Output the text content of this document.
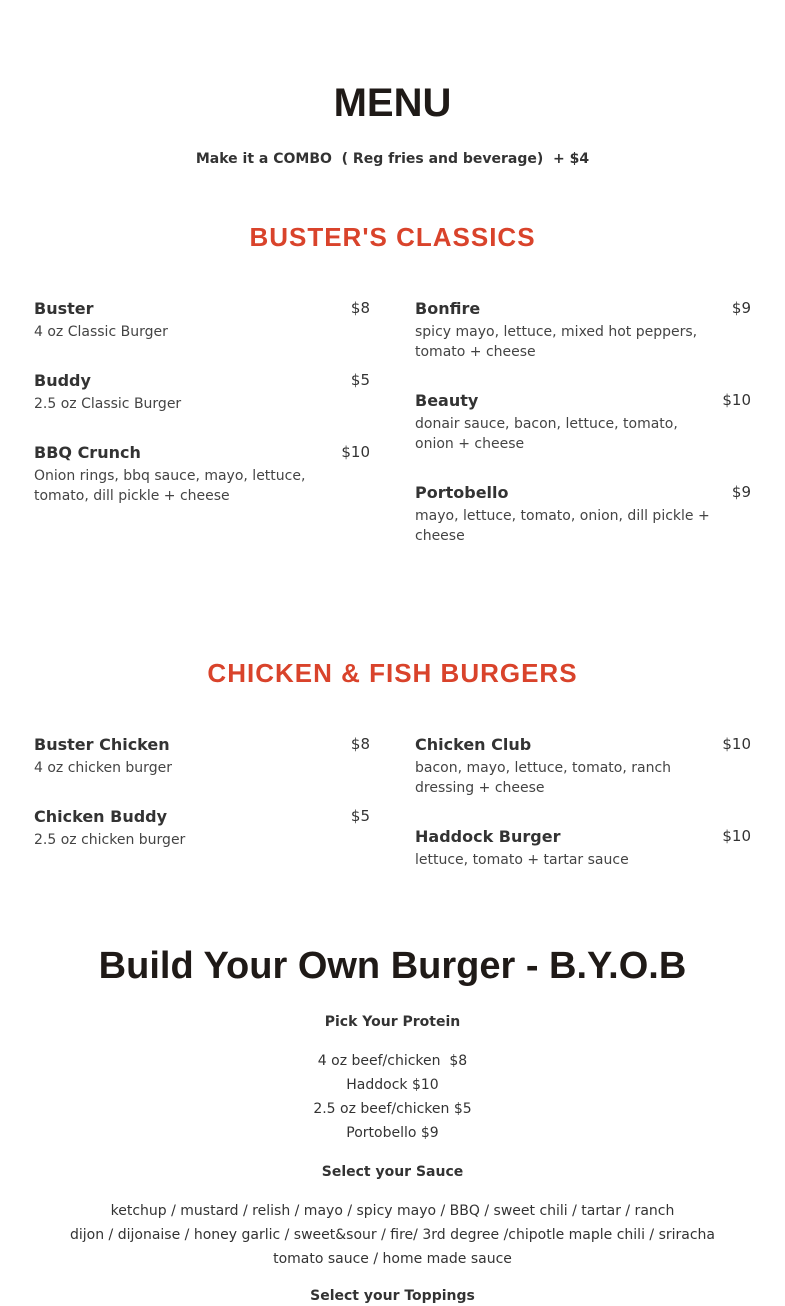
MENU
Make it a COMBO  ( Reg fries and beverage)  + $4
BUSTER'S CLASSICS
Buster	$8
4 oz Classic Burger
Buddy	$5
2.5 oz Classic Burger
BBQ Crunch	$10
Onion rings, bbq sauce, mayo, lettuce, tomato, dill pickle + cheese
Bonfire	$9
spicy mayo, lettuce, mixed hot peppers, tomato + cheese
Beauty	$10
donair sauce, bacon, lettuce, tomato, onion + cheese
Portobello	$9
mayo, lettuce, tomato, onion, dill pickle + cheese
CHICKEN & FISH BURGERS
Buster Chicken	$8
4 oz chicken burger
Chicken Buddy	$5
2.5 oz chicken burger
Chicken Club	$10
bacon, mayo, lettuce, tomato, ranch dressing + cheese
Haddock Burger	$10
lettuce, tomato + tartar sauce
Build Your Own Burger - B.Y.O.B
Pick Your Protein
4 oz beef/chicken  $8
Haddock $10
2.5 oz beef/chicken $5
Portobello $9
Select your Sauce
ketchup / mustard / relish / mayo / spicy mayo / BBQ / sweet chili / tartar / ranch
dijon / dijonaise / honey garlic / sweet&sour / fire/ 3rd degree /chipotle maple chili / sriracha
tomato sauce / home made sauce
Select your Toppings
